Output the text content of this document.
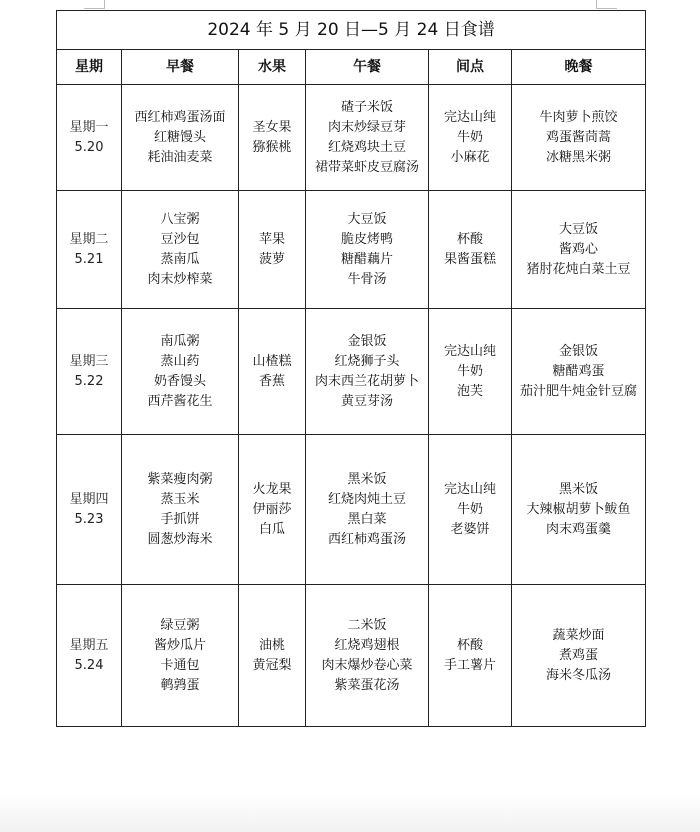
2024 年 5 月 20 日—5 月 24 日食谱					
星期	早餐	水果	午餐	间点	晚餐

星期一
5.20	西红柿鸡蛋汤面
红糖馒头
耗油油麦菜	圣女果
猕猴桃	碴子米饭
肉末炒绿豆芽
红烧鸡块土豆
裙带菜虾皮豆腐汤	完达山纯
牛奶
小麻花	牛肉萝卜煎饺
鸡蛋酱茼蒿
冰糖黑米粥

星期二
5.21	八宝粥
豆沙包
蒸南瓜
肉末炒榨菜	苹果
菠萝	大豆饭
脆皮烤鸭
糖醋藕片
牛骨汤	杯酸
果酱蛋糕	大豆饭
酱鸡心
猪肘花炖白菜土豆

星期三
5.22	南瓜粥
蒸山药
奶香馒头
西芹酱花生	山楂糕
香蕉	金银饭
红烧狮子头
肉末西兰花胡萝卜
黄豆芽汤	完达山纯
牛奶
泡芙	金银饭
糖醋鸡蛋
茄汁肥牛炖金针豆腐

星期四
5.23	紫菜瘦肉粥
蒸玉米
手抓饼
圆葱炒海米	火龙果
伊丽莎
白瓜	黑米饭
红烧肉炖土豆
黑白菜
西红柿鸡蛋汤	完达山纯
牛奶
老婆饼	黑米饭
大辣椒胡萝卜鲅鱼
肉末鸡蛋羹

星期五
5.24	绿豆粥
酱炒瓜片
卡通包
鹌鹑蛋	油桃
黄冠梨	二米饭
红烧鸡翅根
肉末爆炒卷心菜
紫菜蛋花汤	杯酸
手工薯片	蔬菜炒面
煮鸡蛋
海米冬瓜汤
